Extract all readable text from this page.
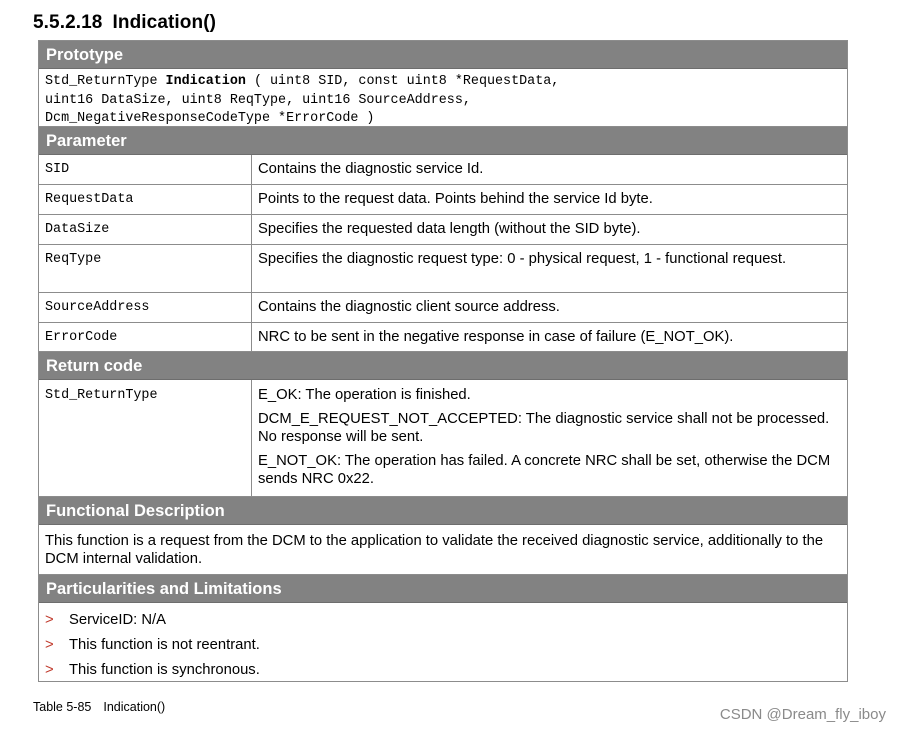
5.5.2.18 Indication()
Prototype
Std_ReturnType Indication ( uint8 SID, const uint8 *RequestData,
uint16 DataSize, uint8 ReqType, uint16 SourceAddress,
Dcm_NegativeResponseCodeType *ErrorCode )
Parameter
SID	Contains the diagnostic service Id.
RequestData	Points to the request data. Points behind the service Id byte.
DataSize	Specifies the requested data length (without the SID byte).
ReqType	Specifies the diagnostic request type: 0 - physical request, 1 - functional request.
SourceAddress	Contains the diagnostic client source address.
ErrorCode	NRC to be sent in the negative response in case of failure (E_NOT_OK).
Return code
Std_ReturnType	E_OK: The operation is finished.

DCM_E_REQUEST_NOT_ACCEPTED: The diagnostic service shall not be processed. No response will be sent.

E_NOT_OK: The operation has failed. A concrete NRC shall be set, otherwise the DCM sends NRC 0x22.

Functional Description
This function is a request from the DCM to the application to validate the received diagnostic service, additionally to the DCM internal validation.
Particularities and Limitations
>	ServiceID: N/A
>	This function is not reentrant.
>	This function is synchronous.
Table 5-85 Indication()	CSDN @Dream_fly_iboy
